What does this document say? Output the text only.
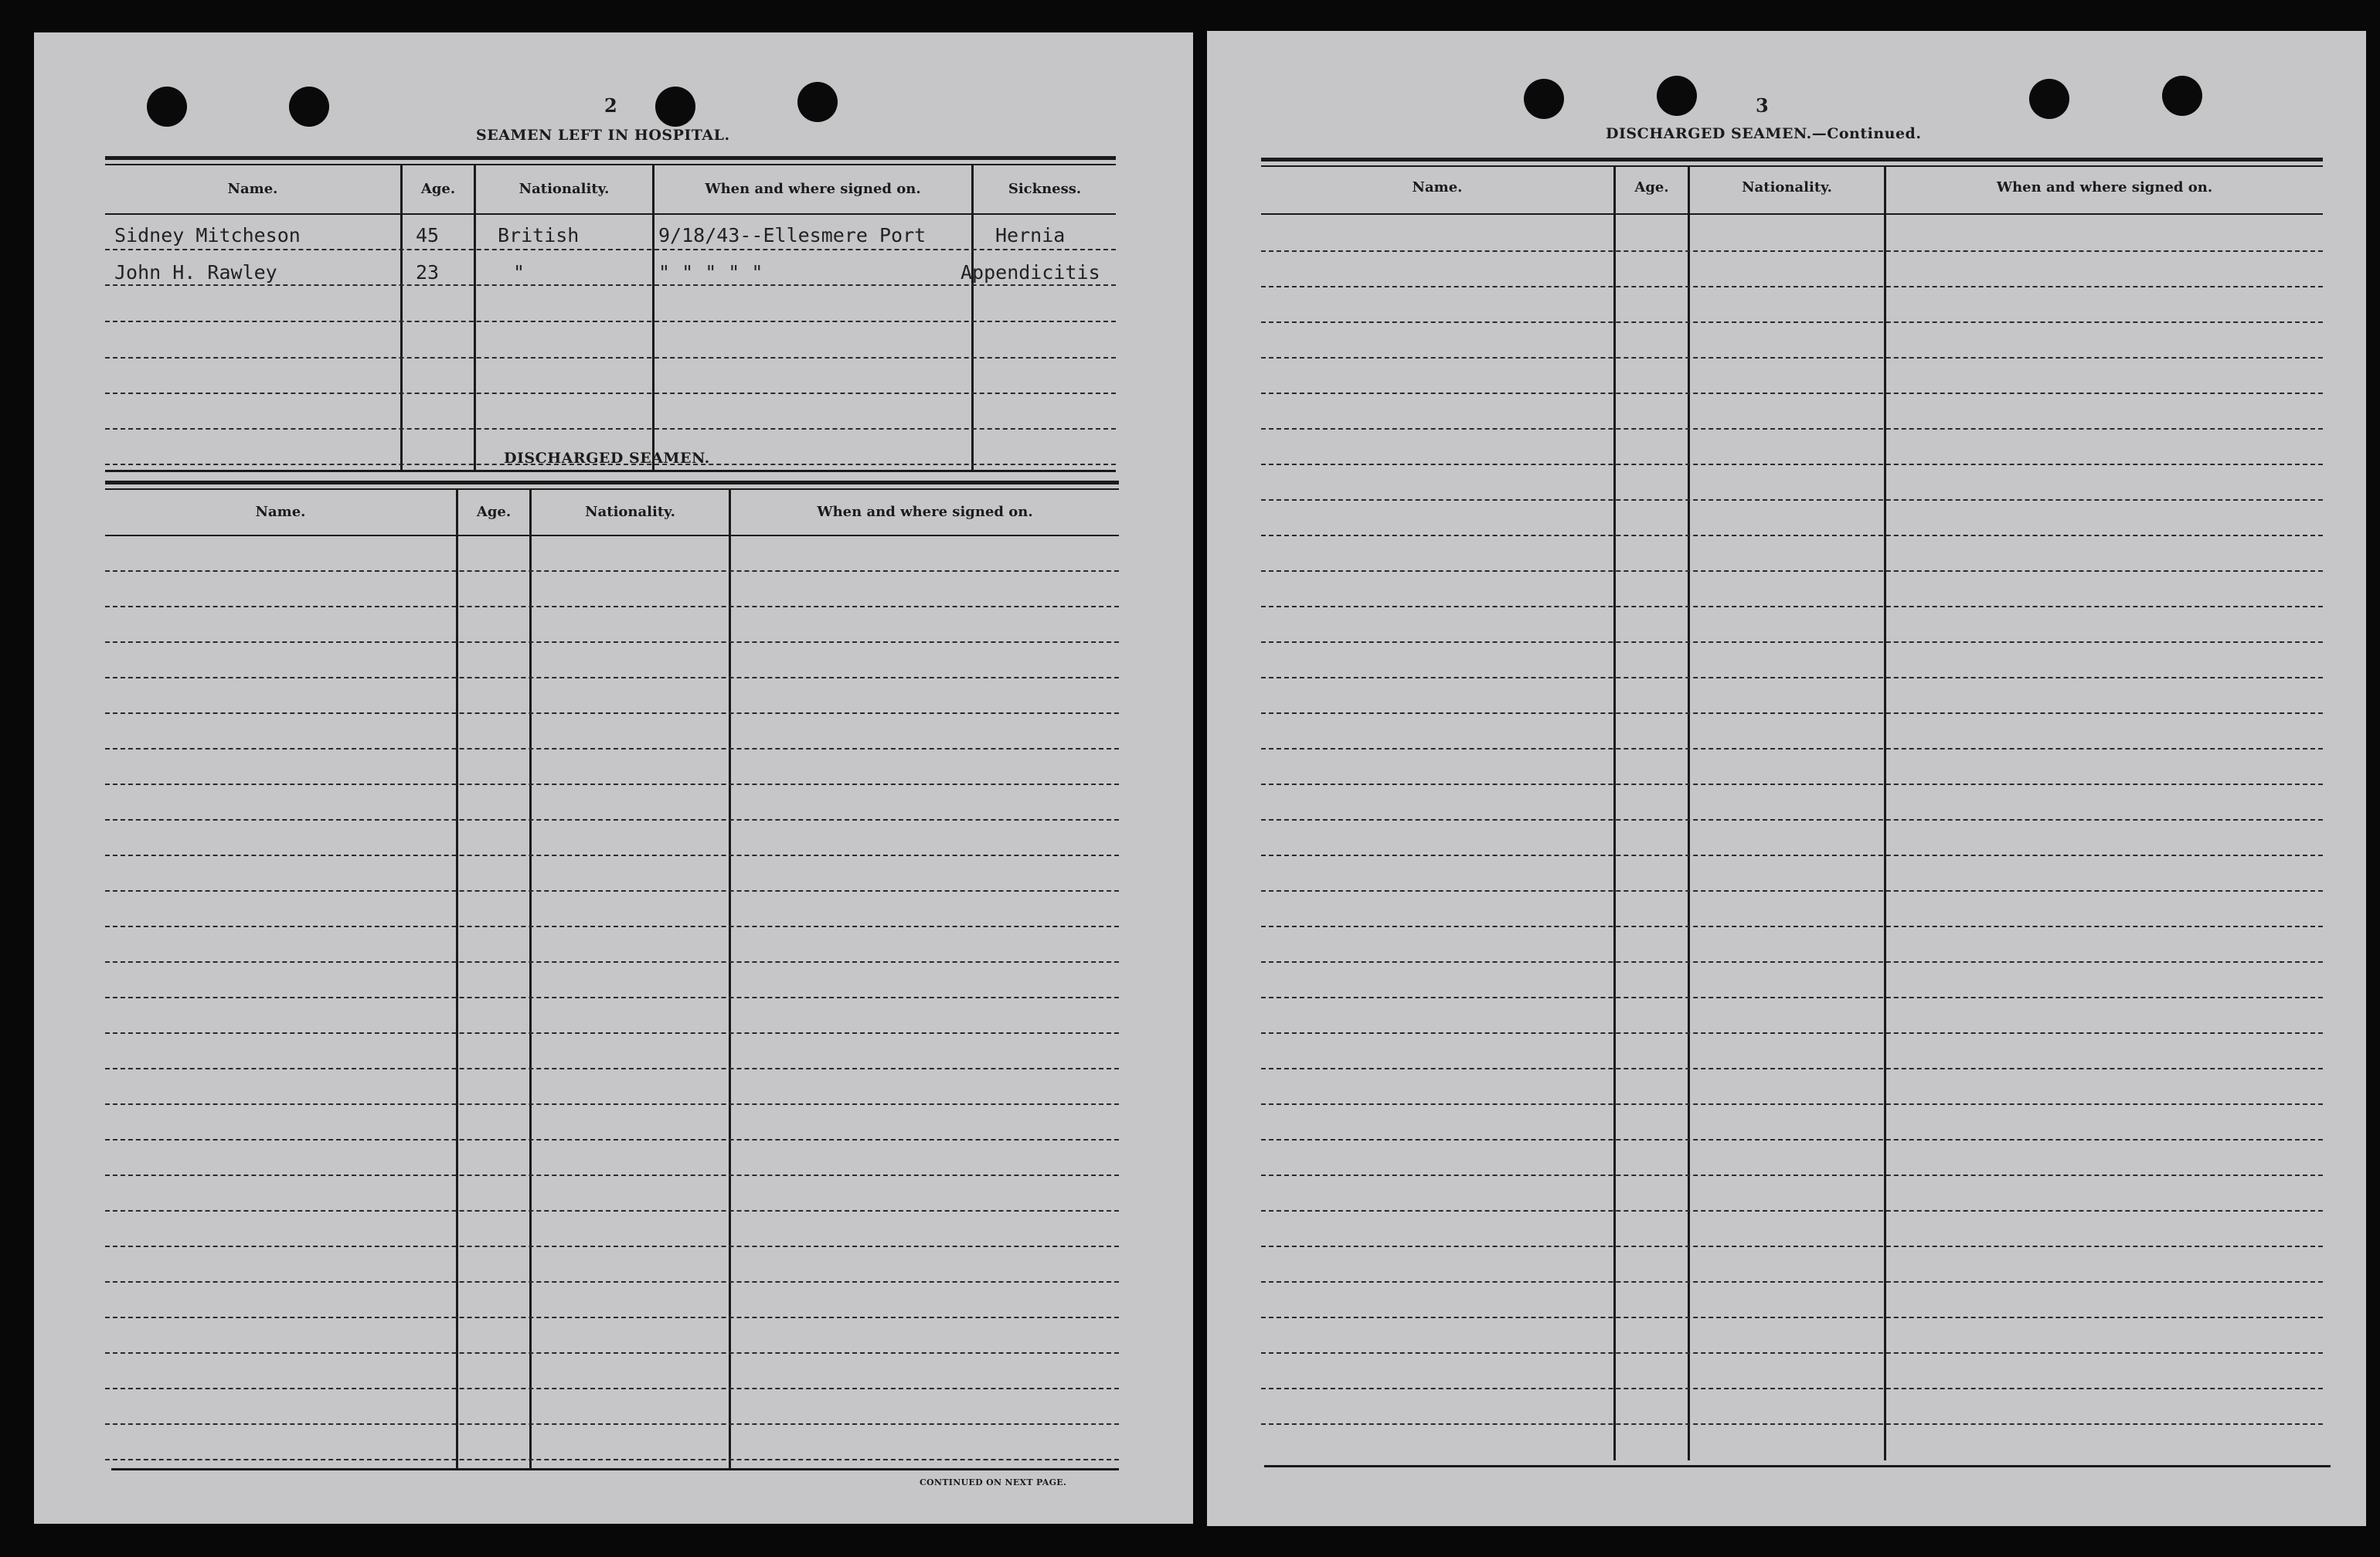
2
SEAMEN LEFT IN HOSPITAL.
Name.	Age.	Nationality.	When and where signed on.	Sickness.
Sidney Mitcheson	45	British	9/18/43--Ellesmere Port	Hernia
John H. Rawley	23	"	" " " " "	Appendicitis
DISCHARGED SEAMEN.
Name.	Age.	Nationality.	When and where signed on.
CONTINUED ON NEXT PAGE.
3
DISCHARGED SEAMEN.—Continued.
Name.	Age.	Nationality.	When and where signed on.
